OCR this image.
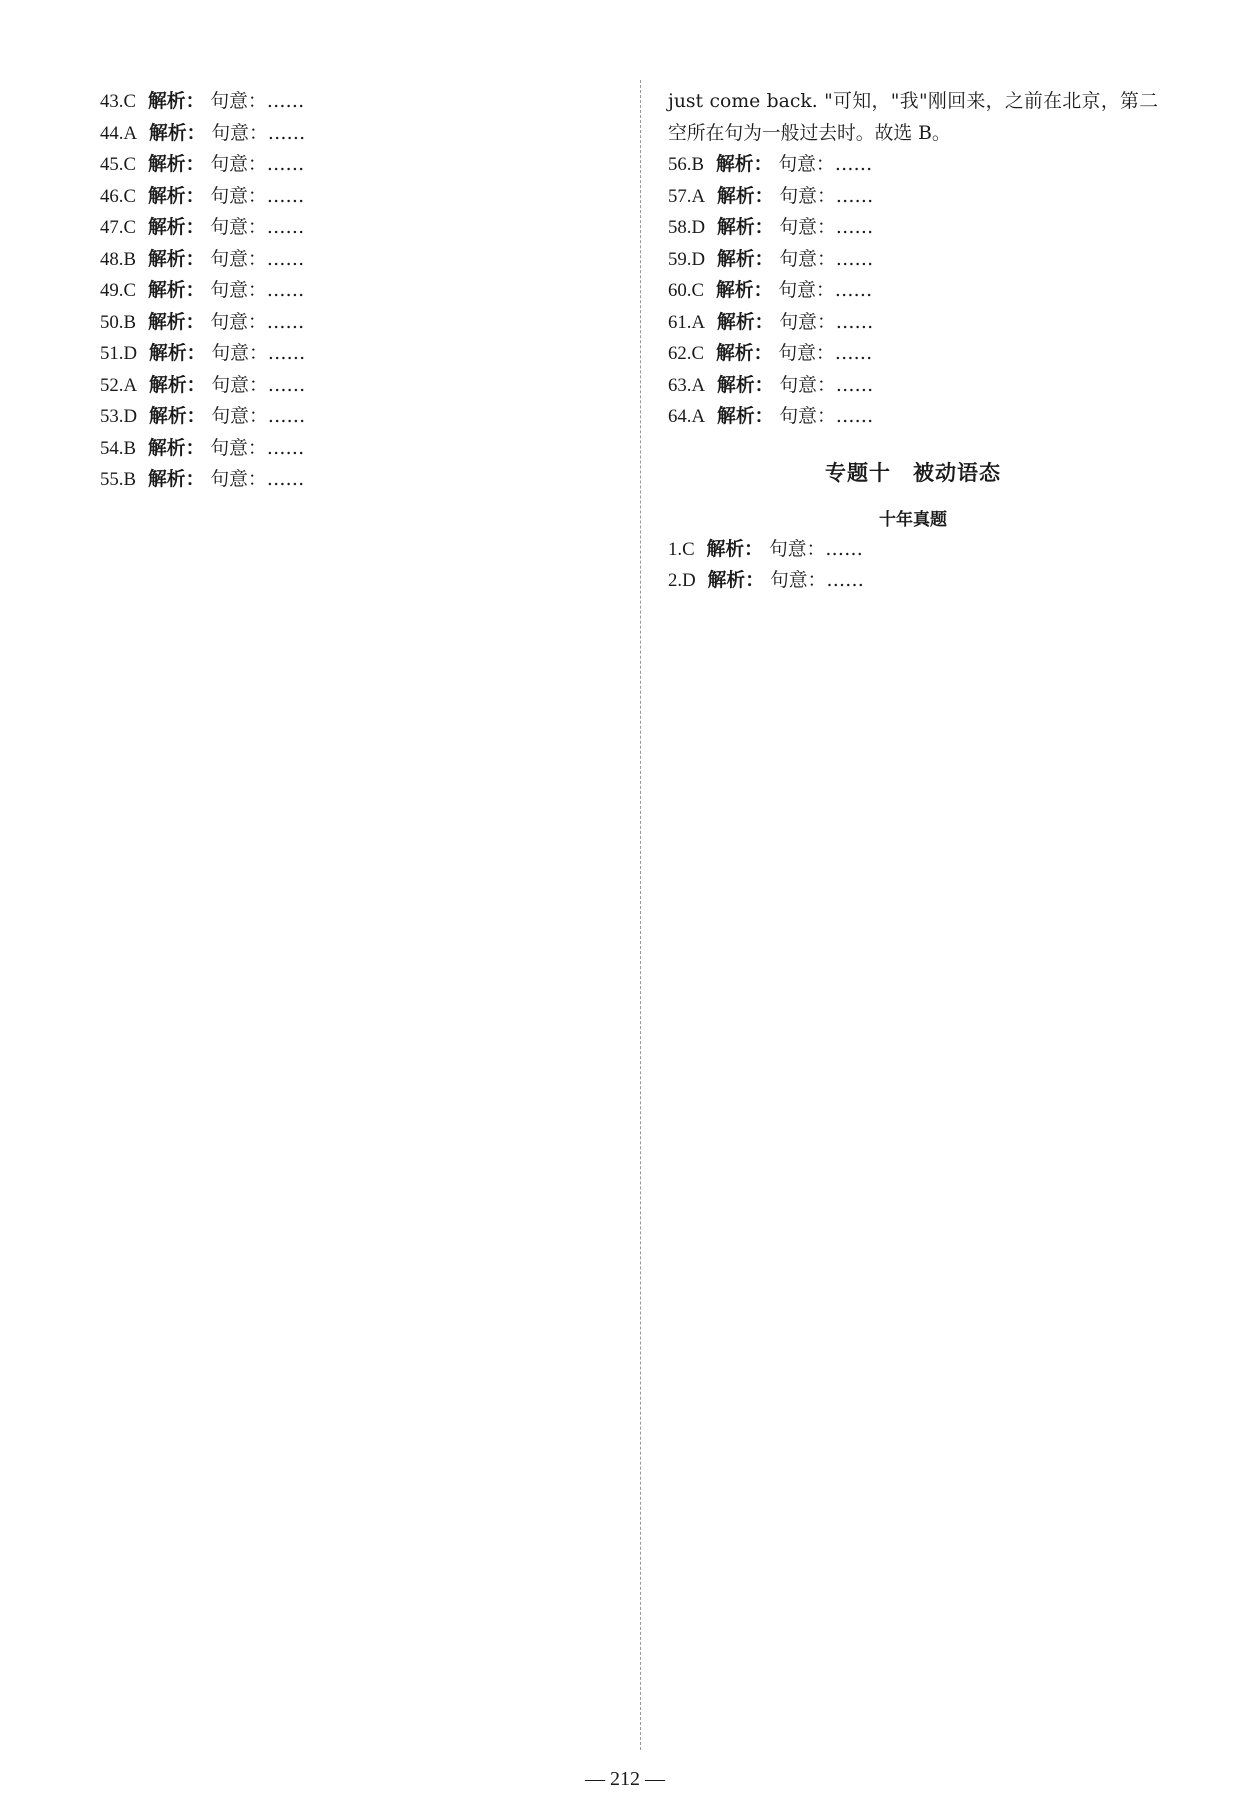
43.C 解析： 句意：……

44.A 解析： 句意：……

45.C 解析： 句意：……

46.C 解析： 句意：……

47.C 解析： 句意：……

48.B 解析： 句意：……

49.C 解析： 句意：……

50.B 解析： 句意：……

51.D 解析： 句意：……

52.A 解析： 句意：……

53.D 解析： 句意：……

54.B 解析： 句意：……

55.B 解析： 句意：……

just come back. "可知，"我"刚回来，之前在北京，第二空所在句为一般过去时。故选 B。

56.B 解析： 句意：……

57.A 解析： 句意：……

58.D 解析： 句意：……

59.D 解析： 句意：……

60.C 解析： 句意：……

61.A 解析： 句意：……

62.C 解析： 句意：……

63.A 解析： 句意：……

64.A 解析： 句意：……

专题十　被动语态
十年真题

1.C 解析： 句意：……

2.D 解析： 句意：……

— 212 —
